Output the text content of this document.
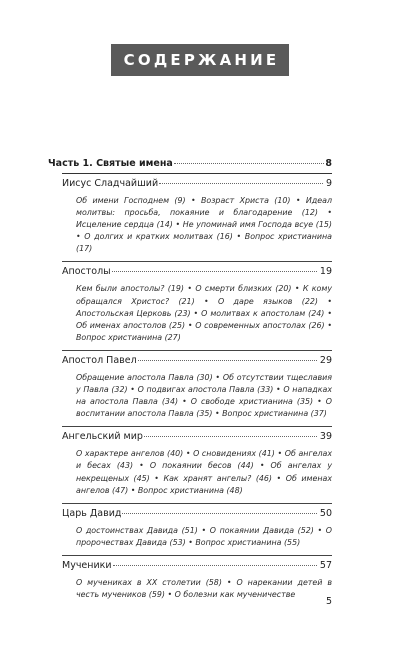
СОДЕРЖАНИЕ
Часть 1. Святые имена	8
Иисус Сладчайший	9
Об имени Господнем (9) • Возраст Христа (10) • Идеал молитвы: просьба, покаяние и благодарение (12) • Исцеление сердца (14) • Не упоминай имя Господа всуе (15) • О долгих и кратких молитвах (16) • Вопрос христианина (17)
Апостолы	19
Кем были апостолы? (19) • О смерти близких (20) • К кому обращался Христос? (21) • О даре языков (22) • Апостольская Церковь (23) • О молитвах к апостолам (24) • Об именах апостолов (25) • О современных апостолах (26) • Вопрос христианина (27)
Апостол Павел	29
Обращение апостола Павла (30) • Об отсутствии тщеславия у Павла (32) • О подвигах апостола Павла (33) • О нападках на апостола Павла (34) • О свободе христианина (35) • О воспитании апостола Павла (35) • Вопрос христианина (37)
Ангельский мир	39
О характере ангелов (40) • О сновидениях (41) • Об ангелах и бесах (43) • О покаянии бесов (44) • Об ангелах у некрещеных (45) • Как хранят ангелы? (46) • Об именах ангелов (47) • Вопрос христианина (48)
Царь Давид	50
О достоинствах Давида (51) • О покаянии Давида (52) • О пророчествах Давида (53) • Вопрос христианина (55)
Мученики	57
О мучениках в XX столетии (58) • О нарекании детей в честь мучеников (59) • О болезни как мученичестве
5
